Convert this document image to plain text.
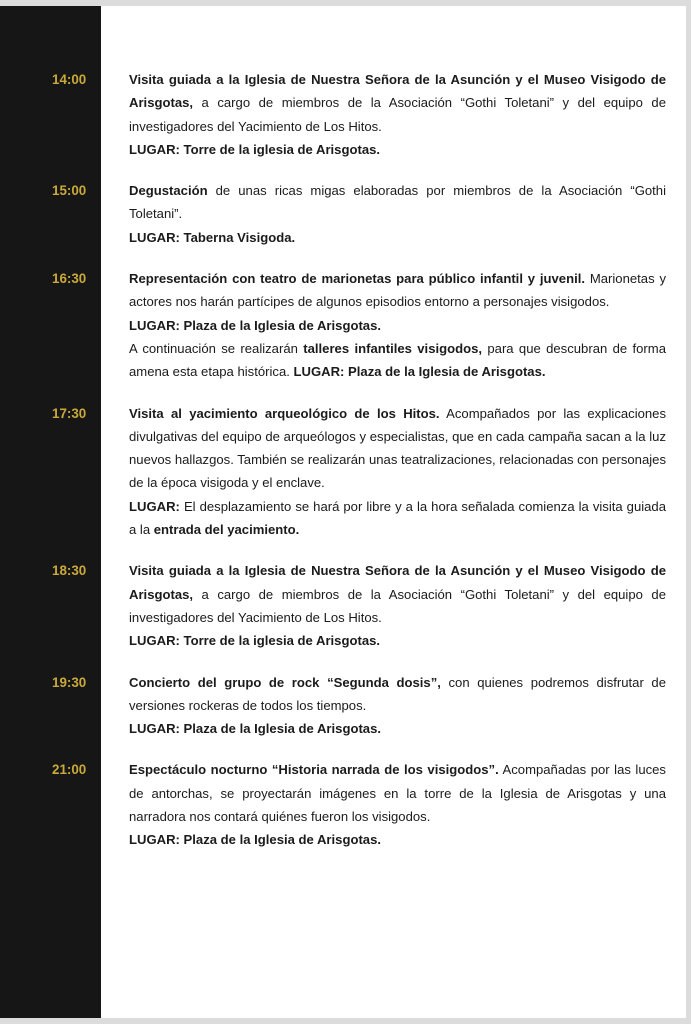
14:00	Visita guiada a la Iglesia de Nuestra Señora de la Asunción y el Museo Visigodo de Arisgotas, a cargo de miembros de la Asociación “Gothi Toletani” y del equipo de investigadores del Yacimiento de Los Hitos.

LUGAR: Torre de la iglesia de Arisgotas.

15:00	Degustación de unas ricas migas elaboradas por miembros de la Asociación “Gothi Toletani”.

LUGAR: Taberna Visigoda.

16:30	Representación con teatro de marionetas para público infantil y juvenil. Marionetas y actores nos harán partícipes de algunos episodios entorno a personajes visigodos.

LUGAR: Plaza de la Iglesia de Arisgotas.

A continuación se realizarán talleres infantiles visigodos, para que descubran de forma amena esta etapa histórica. LUGAR: Plaza de la Iglesia de Arisgotas.

17:30	Visita al yacimiento arqueológico de los Hitos. Acompañados por las explicaciones divulgativas del equipo de arqueólogos y especialistas, que en cada campaña sacan a la luz nuevos hallazgos. También se realizarán unas teatralizaciones, relacionadas con personajes de la época visigoda y el enclave.

LUGAR: El desplazamiento se hará por libre y a la hora señalada comienza la visita guiada a la entrada del yacimiento.

18:30	Visita guiada a la Iglesia de Nuestra Señora de la Asunción y el Museo Visigodo de Arisgotas, a cargo de miembros de la Asociación “Gothi Toletani” y del equipo de investigadores del Yacimiento de Los Hitos.

LUGAR: Torre de la iglesia de Arisgotas.

19:30	Concierto del grupo de rock “Segunda dosis”, con quienes podremos disfrutar de versiones rockeras de todos los tiempos.

LUGAR: Plaza de la Iglesia de Arisgotas.

21:00	Espectáculo nocturno “Historia narrada de los visigodos”. Acompañadas por las luces de antorchas, se proyectarán imágenes en la torre de la Iglesia de Arisgotas y una narradora nos contará quiénes fueron los visigodos.

LUGAR: Plaza de la Iglesia de Arisgotas.
